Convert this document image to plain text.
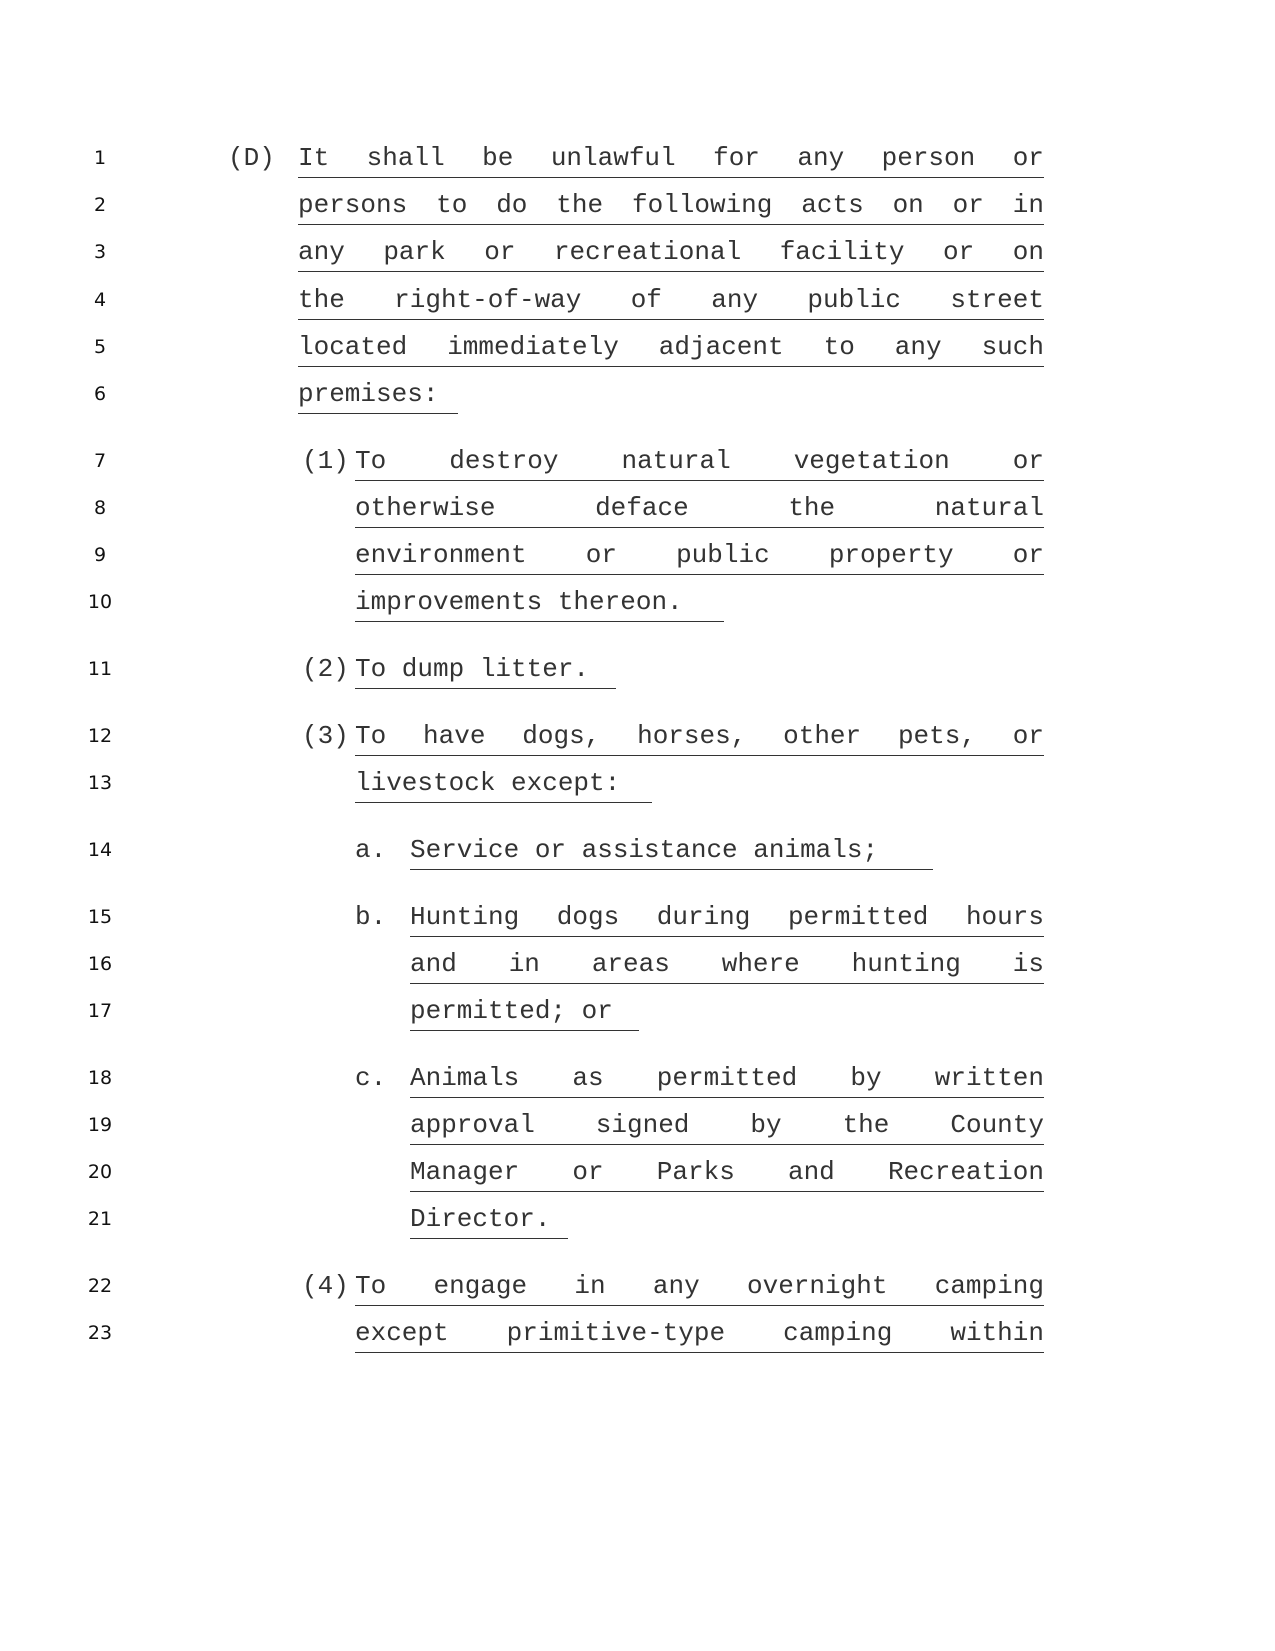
1
2
3
4
5
6
7
8
9
10
11
12
13
14
15
16
17
18
19
20
21
22
23
(D) It shall be unlawful for any person or
persons to do the following acts on or in
any park or recreational facility or on
the right-of-way of any public street
located immediately adjacent to any such
premises:
(1) To destroy natural vegetation or
otherwise	deface	the	natural
environment or public property or
improvements thereon.
(2) To dump litter.
(3) To have dogs, horses, other pets, or
livestock except:
a. Service or assistance animals;
b. Hunting dogs during permitted hours
and in areas where hunting is
permitted; or
c. Animals as permitted by written
approval signed by the County
Manager or Parks and Recreation
Director.
(4) To engage in any overnight camping
except primitive-type camping within
